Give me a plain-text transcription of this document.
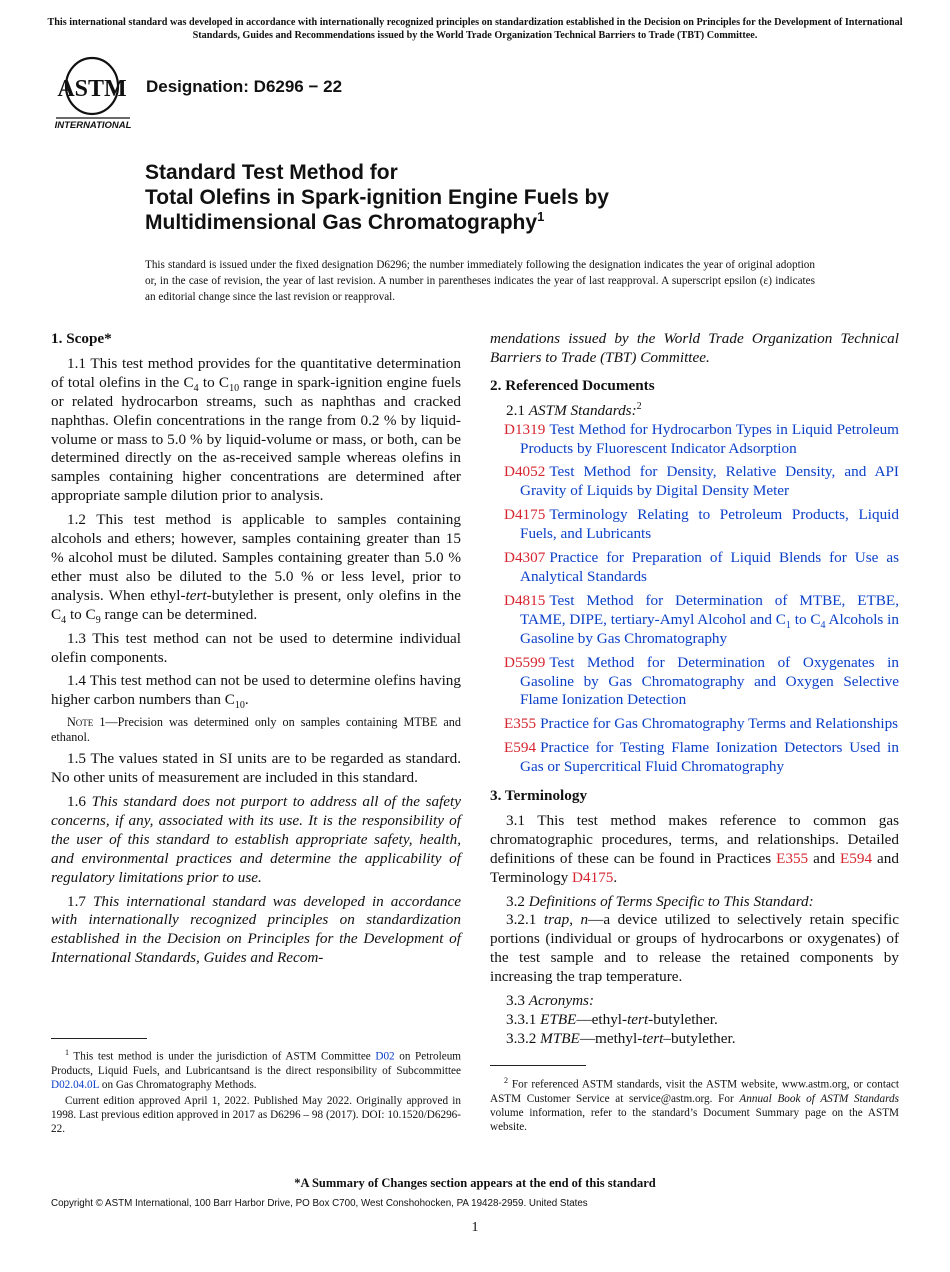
This international standard was developed in accordance with internationally recognized principles on standardization established in the Decision on Principles for the Development of International Standards, Guides and Recommendations issued by the World Trade Organization Technical Barriers to Trade (TBT) Committee.
ASTM
INTERNATIONAL
Designation: D6296 − 22
Standard Test Method for
Total Olefins in Spark-ignition Engine Fuels by
Multidimensional Gas Chromatography$^1$
This standard is issued under the fixed designation D6296; the number immediately following the designation indicates the year of original adoption or, in the case of revision, the year of last revision. A number in parentheses indicates the year of last reapproval. A superscript epsilon (ε) indicates an editorial change since the last revision or reapproval.
1. Scope*

1.1 This test method provides for the quantitative determination of total olefins in the $C_4$ to $C_{10}$ range in spark-ignition engine fuels or related hydrocarbon streams, such as naphthas and cracked naphthas. Olefin concentrations in the range from 0.2 % by liquid-volume or mass to 5.0 % by liquid-volume or mass, or both, can be determined directly on the as-received sample whereas olefins in samples containing higher concentrations are determined after appropriate sample dilution prior to analysis.

1.2 This test method is applicable to samples containing alcohols and ethers; however, samples containing greater than 15 % alcohol must be diluted. Samples containing greater than 5.0 % ether must also be diluted to the 5.0 % or less level, prior to analysis. When ethyl-tert-butylether is present, only olefins in the $C_4$ to $C_9$ range can be determined.

1.3 This test method can not be used to determine individual olefin components.

1.4 This test method can not be used to determine olefins having higher carbon numbers than $C_{10}$.

Note 1—Precision was determined only on samples containing MTBE and ethanol.

1.5 The values stated in SI units are to be regarded as standard. No other units of measurement are included in this standard.

1.6 This standard does not purport to address all of the safety concerns, if any, associated with its use. It is the responsibility of the user of this standard to establish appropriate safety, health, and environmental practices and determine the applicability of regulatory limitations prior to use.

1.7 This international standard was developed in accordance with internationally recognized principles on standardization established in the Decision on Principles for the Development of International Standards, Guides and Recom-

$^1$ This test method is under the jurisdiction of ASTM Committee D02 on Petroleum Products, Liquid Fuels, and Lubricantsand is the direct responsibility of Subcommittee D02.04.0L on Gas Chromatography Methods.

Current edition approved April 1, 2022. Published May 2022. Originally approved in 1998. Last previous edition approved in 2017 as D6296 – 98 (2017). DOI: 10.1520/D6296-22.

mendations issued by the World Trade Organization Technical Barriers to Trade (TBT) Committee.

2. Referenced Documents

2.1 ASTM Standards:$^2$

D1319 Test Method for Hydrocarbon Types in Liquid Petroleum Products by Fluorescent Indicator Adsorption

D4052 Test Method for Density, Relative Density, and API Gravity of Liquids by Digital Density Meter

D4175 Terminology Relating to Petroleum Products, Liquid Fuels, and Lubricants

D4307 Practice for Preparation of Liquid Blends for Use as Analytical Standards

D4815 Test Method for Determination of MTBE, ETBE, TAME, DIPE, tertiary-Amyl Alcohol and $C_1$ to $C_4$ Alcohols in Gasoline by Gas Chromatography

D5599 Test Method for Determination of Oxygenates in Gasoline by Gas Chromatography and Oxygen Selective Flame Ionization Detection

E355 Practice for Gas Chromatography Terms and Relationships

E594 Practice for Testing Flame Ionization Detectors Used in Gas or Supercritical Fluid Chromatography

3. Terminology

3.1 This test method makes reference to common gas chromatographic procedures, terms, and relationships. Detailed definitions of these can be found in Practices E355 and E594 and Terminology D4175.

3.2 Definitions of Terms Specific to This Standard:

3.2.1 trap, n—a device utilized to selectively retain specific portions (individual or groups of hydrocarbons or oxygenates) of the test sample and to release the retained components by increasing the trap temperature.

3.3 Acronyms:

3.3.1 ETBE—ethyl-tert-butylether.

3.3.2 MTBE—methyl-tert–butylether.

$^2$ For referenced ASTM standards, visit the ASTM website, www.astm.org, or contact ASTM Customer Service at service@astm.org. For Annual Book of ASTM Standards volume information, refer to the standard’s Document Summary page on the ASTM website.

*A Summary of Changes section appears at the end of this standard
Copyright © ASTM International, 100 Barr Harbor Drive, PO Box C700, West Conshohocken, PA 19428-2959. United States
1
